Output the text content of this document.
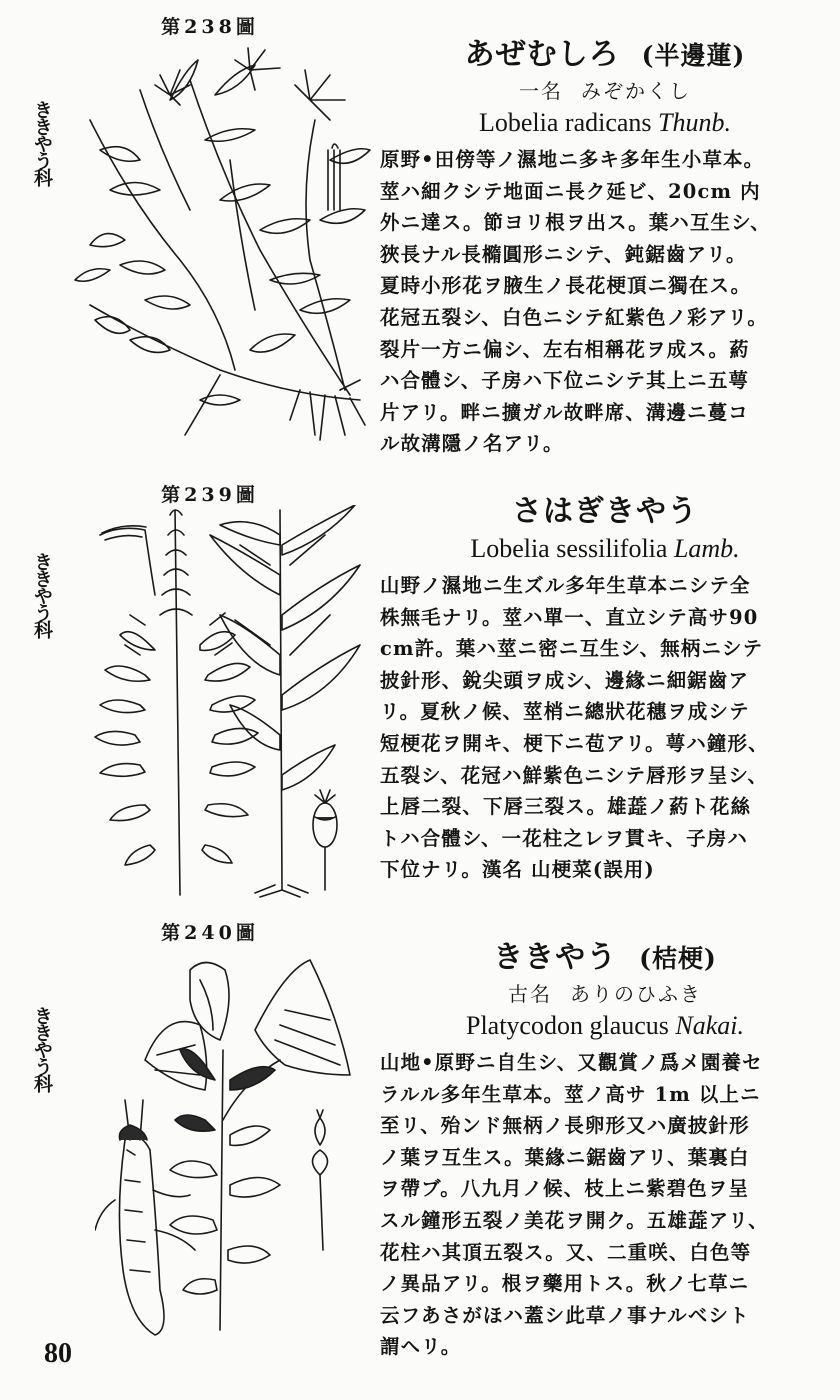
第238圖
ききやう科
あぜむしろ (半邊蓮)
一名 みぞかくし
Lobelia radicans Thunb.
原野•田傍等ノ濕地ニ多キ多年生小草本。
莖ハ細クシテ地面ニ長ク延ビ、20cm 内
外ニ達ス。節ヨリ根ヲ出ス。葉ハ互生シ、
狹長ナル長橢圓形ニシテ、鈍鋸齒アリ。
夏時小形花ヲ腋生ノ長花梗頂ニ獨在ス。
花冠五裂シ、白色ニシテ紅紫色ノ彩アリ。
裂片一方ニ偏シ、左右相稱花ヲ成ス。葯
ハ合體シ、子房ハ下位ニシテ其上ニ五萼
片アリ。畔ニ擴ガル故畔席、溝邊ニ蔓コ
ル故溝隱ノ名アリ。
第239圖
ききやう科
さはぎきやう
Lobelia sessilifolia Lamb.
山野ノ濕地ニ生ズル多年生草本ニシテ全
株無毛ナリ。莖ハ單一、直立シテ高サ90
cm許。葉ハ莖ニ密ニ互生シ、無柄ニシテ
披針形、銳尖頭ヲ成シ、邊緣ニ細鋸齒ア
リ。夏秋ノ候、莖梢ニ總狀花穗ヲ成シテ
短梗花ヲ開キ、梗下ニ苞アリ。萼ハ鐘形、
五裂シ、花冠ハ鮮紫色ニシテ唇形ヲ呈シ、
上唇二裂、下唇三裂ス。雄蕋ノ葯ト花絲
トハ合體シ、一花柱之レヲ貫キ、子房ハ
下位ナリ。漢名 山梗菜(誤用)
第240圖
ききやう科
ききやう (桔梗)
古名 ありのひふき
Platycodon glaucus Nakai.
山地•原野ニ自生シ、又觀賞ノ爲メ園養セ
ラルル多年生草本。莖ノ高サ 1m 以上ニ
至リ、殆ンド無柄ノ長卵形又ハ廣披針形
ノ葉ヲ互生ス。葉緣ニ鋸齒アリ、葉裏白
ヲ帶ブ。八九月ノ候、枝上ニ紫碧色ヲ呈
スル鐘形五裂ノ美花ヲ開ク。五雄蕋アリ、
花柱ハ其頂五裂ス。又、二重咲、白色等
ノ異品アリ。根ヲ藥用トス。秋ノ七草ニ
云フあさがほハ蓋シ此草ノ事ナルベシト
謂ヘリ。
80
